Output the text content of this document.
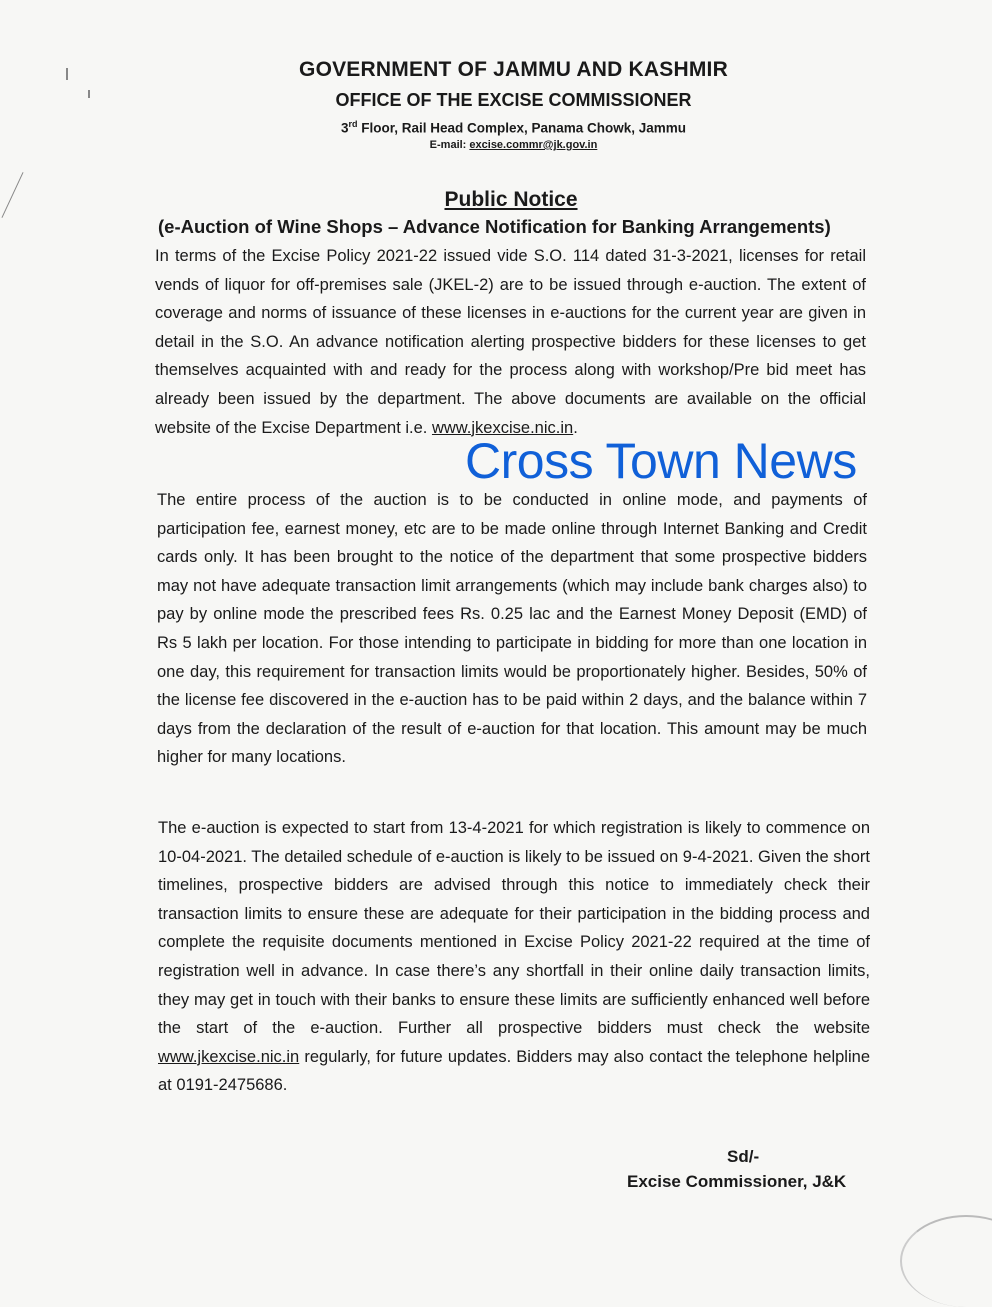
GOVERNMENT OF JAMMU AND KASHMIR
OFFICE OF THE EXCISE COMMISSIONER
3rd Floor, Rail Head Complex, Panama Chowk, Jammu
E-mail: excise.commr@jk.gov.in
Public Notice
(e-Auction of Wine Shops – Advance Notification for Banking Arrangements)
In terms of the Excise Policy 2021-22 issued vide S.O. 114 dated 31-3-2021, licenses for retail vends of liquor for off-premises sale (JKEL-2) are to be issued through e-auction. The extent of coverage and norms of issuance of these licenses in e-auctions for the current year are given in detail in the S.O. An advance notification alerting prospective bidders for these licenses to get themselves acquainted with and ready for the process along with workshop/Pre bid meet has already been issued by the department. The above documents are available on the official website of the Excise Department i.e. www.jkexcise.nic.in.
Cross Town News
The entire process of the auction is to be conducted in online mode, and payments of participation fee, earnest money, etc are to be made online through Internet Banking and Credit cards only. It has been brought to the notice of the department that some prospective bidders may not have adequate transaction limit arrangements (which may include bank charges also) to pay by online mode the prescribed fees Rs. 0.25 lac and the Earnest Money Deposit (EMD) of Rs 5 lakh per location. For those intending to participate in bidding for more than one location in one day, this requirement for transaction limits would be proportionately higher. Besides, 50% of the license fee discovered in the e-auction has to be paid within 2 days, and the balance within 7 days from the declaration of the result of e-auction for that location. This amount may be much higher for many locations.
The e-auction is expected to start from 13-4-2021 for which registration is likely to commence on 10-04-2021. The detailed schedule of e-auction is likely to be issued on 9-4-2021. Given the short timelines, prospective bidders are advised through this notice to immediately check their transaction limits to ensure these are adequate for their participation in the bidding process and complete the requisite documents mentioned in Excise Policy 2021-22 required at the time of registration well in advance. In case there’s any shortfall in their online daily transaction limits, they may get in touch with their banks to ensure these limits are sufficiently enhanced well before the start of the e-auction. Further all prospective bidders must check the website www.jkexcise.nic.in regularly, for future updates. Bidders may also contact the telephone helpline at 0191-2475686.
Sd/-
Excise Commissioner, J&K
